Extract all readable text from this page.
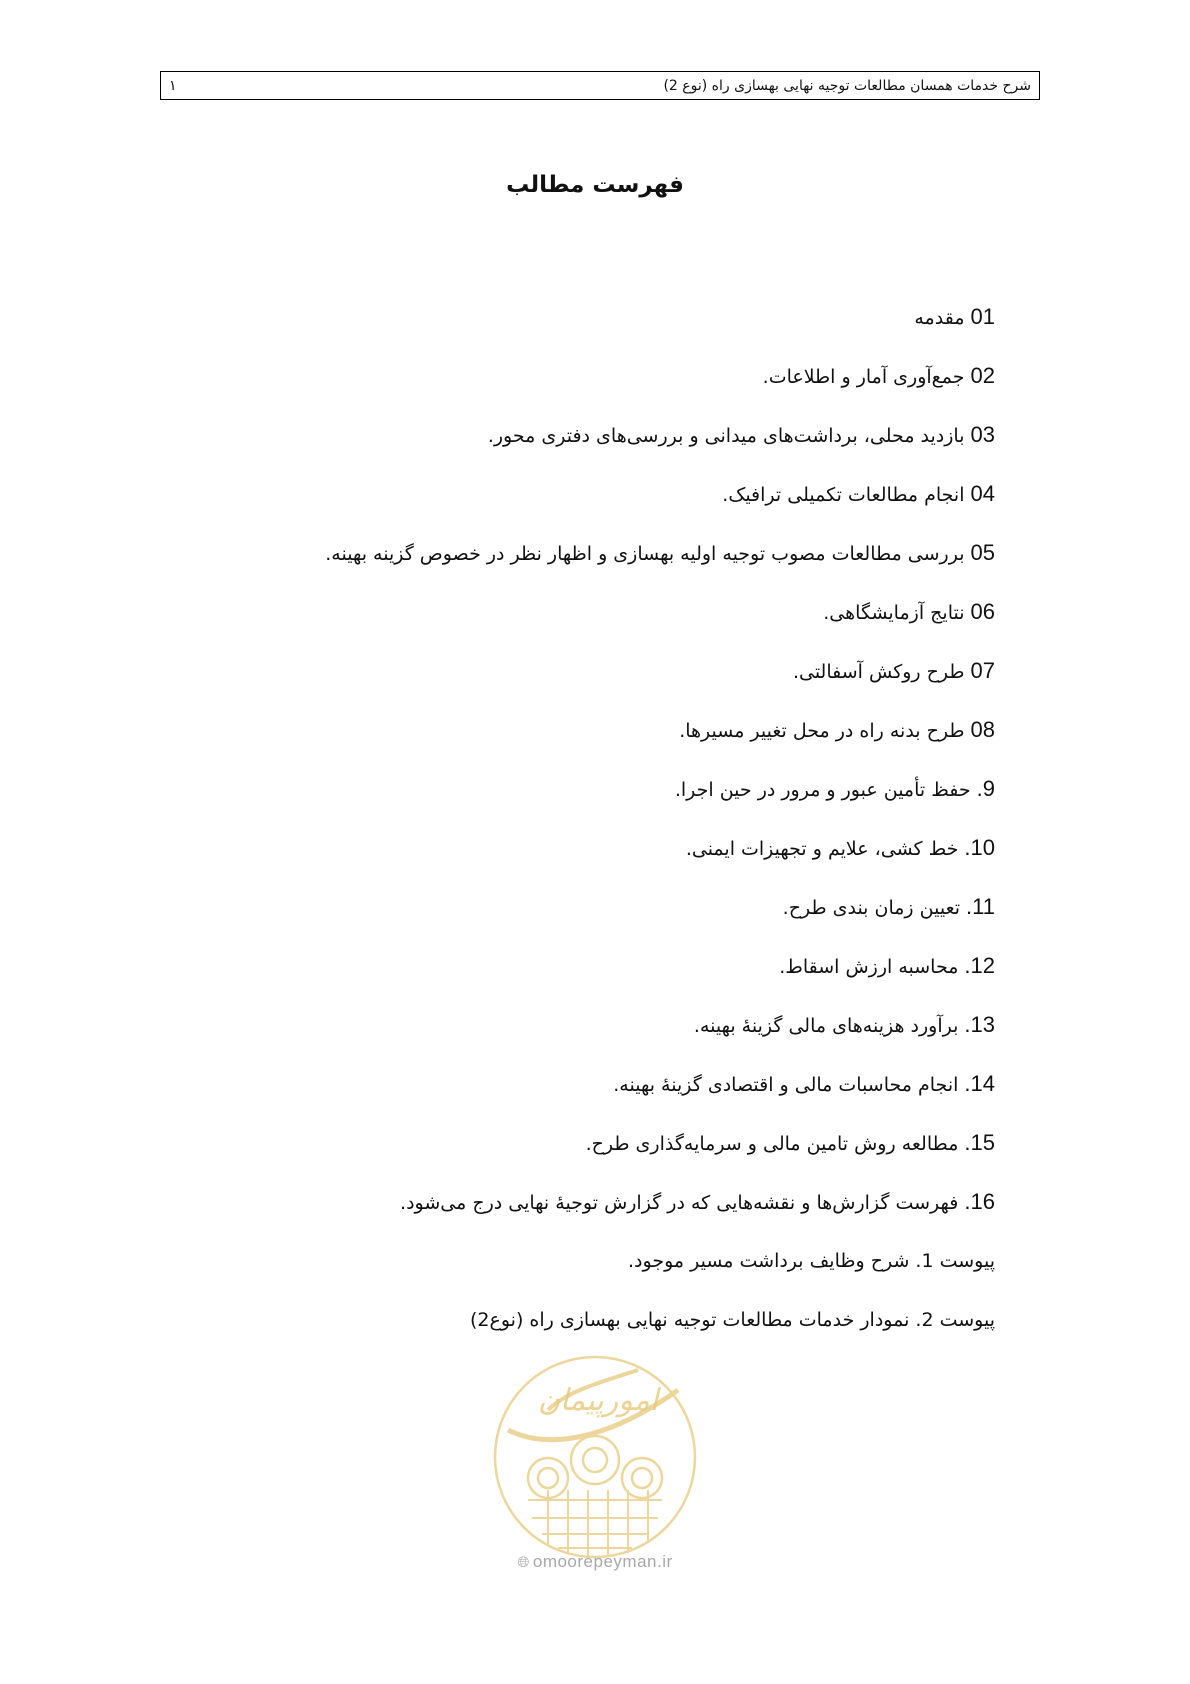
شرح خدمات همسان مطالعات توجیه نهایی بهسازی راه (نوع 2)
۱
فهرست مطالب
01مقدمه
02جمع‌آوری آمار و اطلاعات.
03بازدید محلی، برداشت‌های میدانی و بررسی‌های دفتری محور.
04انجام مطالعات تکمیلی ترافیک.
05بررسی مطالعات مصوب توجیه اولیه بهسازی و اظهار نظر در خصوص گزینه بهینه.
06نتایج آزمایشگاهی.
07طرح روکش آسفالتی.
08طرح بدنه راه در محل تغییر مسیرها.
9.حفظ تأمین عبور و مرور در حین اجرا.
10.خط کشی، علایم و تجهیزات ایمنی.
11.تعیین زمان بندی طرح.
12.محاسبه ارزش اسقاط.
13.برآورد هزینه‌های مالی گزینۀ بهینه.
14.انجام محاسبات مالی و اقتصادی گزینۀ بهینه.
15.مطالعه روش تامین مالی و سرمایه‌گذاری طرح.
16.فهرست گزارش‌ها و نقشه‌هایی که در گزارش توجیۀ نهایی درج می‌شود.
پیوست 1. شرح وظایف برداشت مسیر موجود.
پیوست 2. نمودار خدمات مطالعات توجیه نهایی بهسازی راه (نوع2)
امورپیمان
🌐︎ omoorepeyman.ir
